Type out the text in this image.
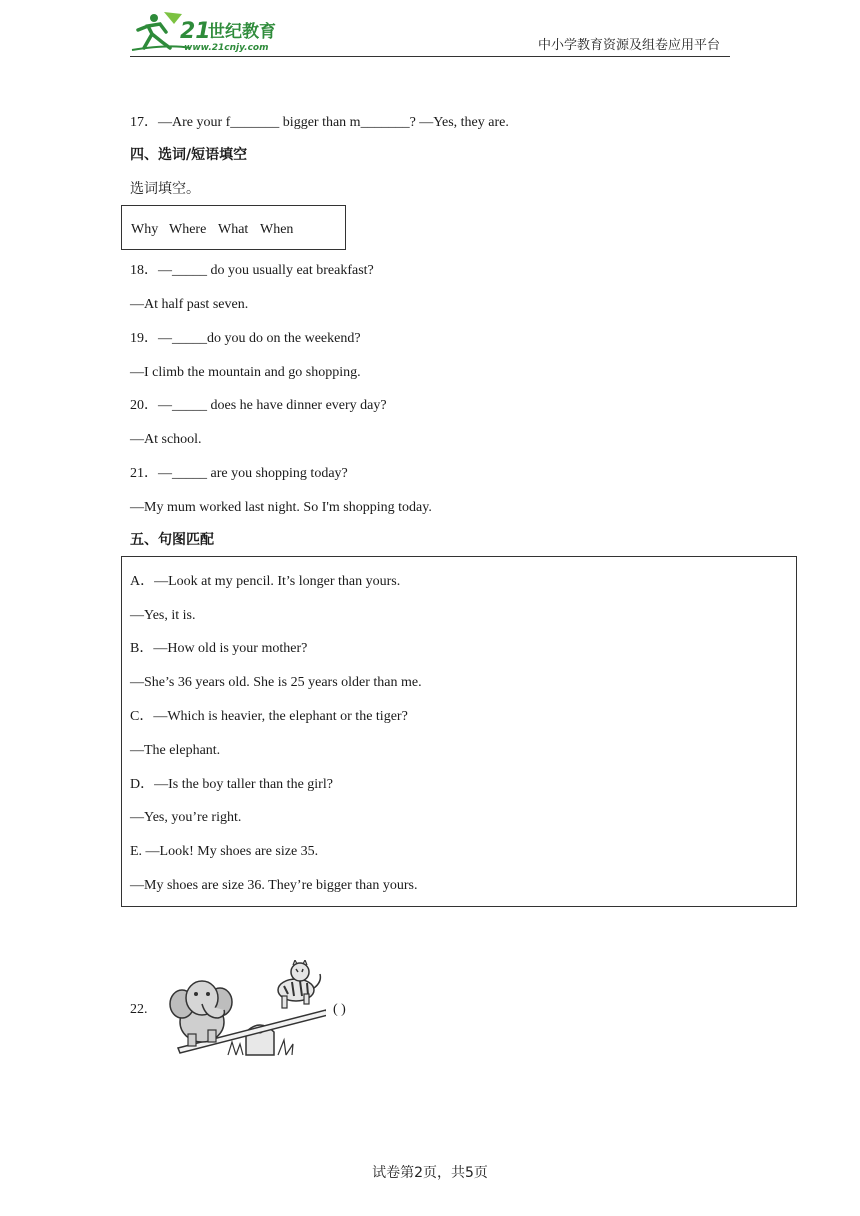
21
世纪教育
www.21cnjy.com	中小学教育资源及组卷应用平台
17．—Are your f_______ bigger than m_______? —Yes, they are.
四、选词/短语填空
选词填空。
Why Where What When
18．—_____ do you usually eat breakfast?
—At half past seven.
19．—_____do you do on the weekend?
—I climb the mountain and go shopping.
20．—_____ does he have dinner every day?
—At school.
21．—_____ are you shopping today?
—My mum worked last night. So I'm shopping today.
五、句图匹配
A．—Look at my pencil. It’s longer than yours.
—Yes, it is.
B．—How old is your mother?
—She’s 36 years old. She is 25 years older than me.
C．—Which is heavier, the elephant or the tiger?
—The elephant.
D．—Is the boy taller than the girl?
—Yes, you’re right.
E. —Look! My shoes are size 35.
—My shoes are size 36. They’re bigger than yours.
22.	( )
试卷第2页，共5页
